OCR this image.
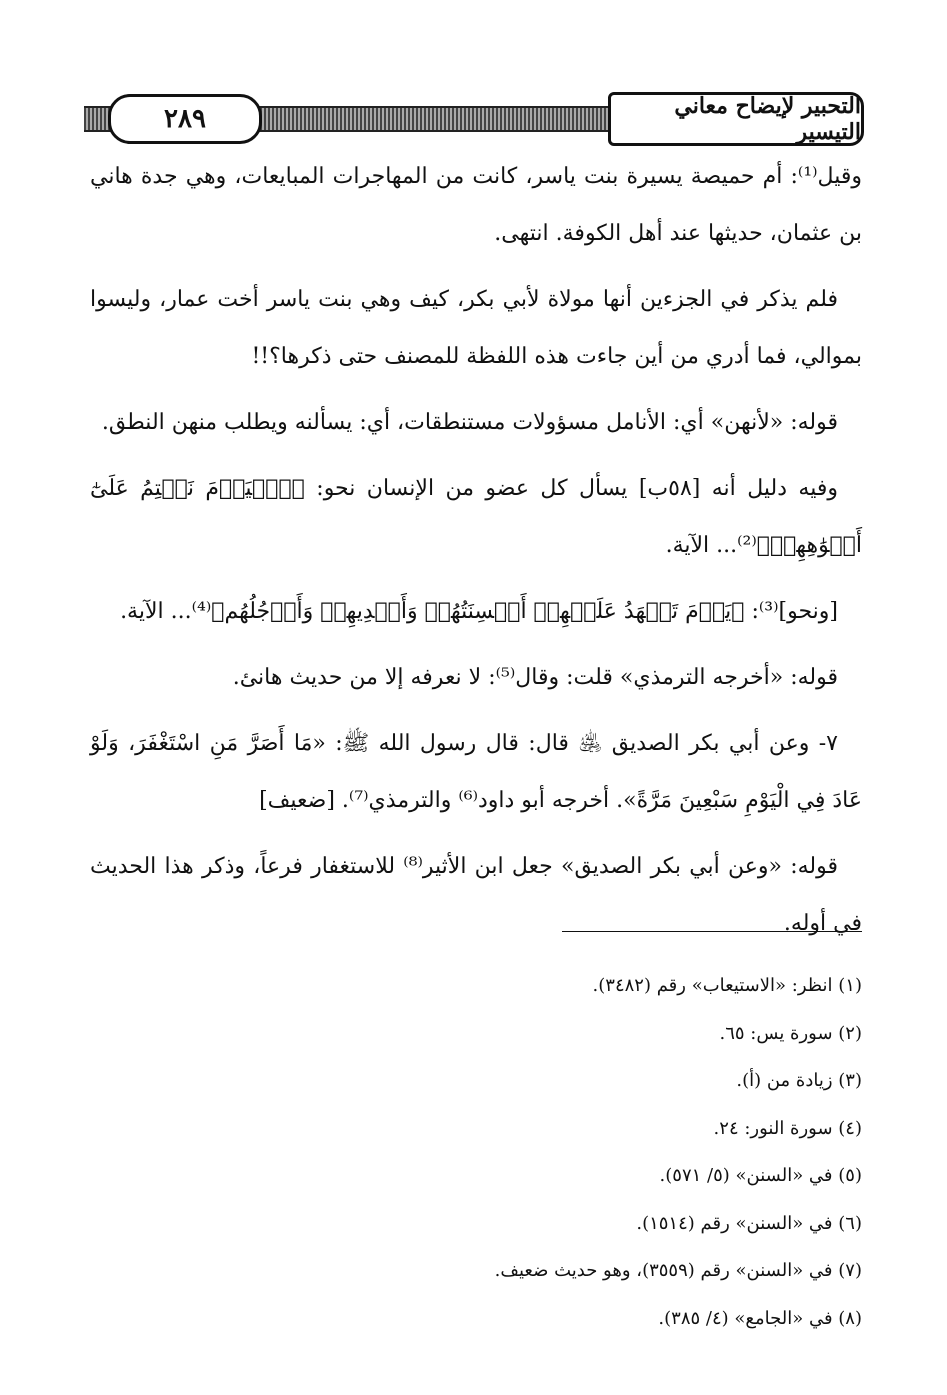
٢٨٩	التحبير لإيضاح معاني التيسير

وقيل⁽¹⁾: أم حميصة يسيرة بنت ياسر، كانت من المهاجرات المبايعات، وهي جدة هاني بن عثمان، حديثها عند أهل الكوفة. انتهى.

فلم يذكر في الجزءين أنها مولاة لأبي بكر، كيف وهي بنت ياسر أخت عمار، وليسوا بموالي، فما أدري من أين جاءت هذه اللفظة للمصنف حتى ذكرها؟!!

قوله: «لأنهن» أي: الأنامل مسؤولات مستنطقات، أي: يسألنه ويطلب منهن النطق.

وفيه دليل أنه [٥٨ب] يسأل كل عضو من الإنسان نحو: ﴿ٱلۡيَوۡمَ نَخۡتِمُ عَلَىٰٓ أَفۡوَٰهِهِمۡ﴾⁽²⁾... الآية.

[ونحو]⁽³⁾: ﴿يَوۡمَ تَشۡهَدُ عَلَيۡهِمۡ أَلۡسِنَتُهُمۡ وَأَيۡدِيهِمۡ وَأَرۡجُلُهُم﴾⁽⁴⁾... الآية.

قوله: «أخرجه الترمذي» قلت: وقال⁽⁵⁾: لا نعرفه إلا من حديث هانئ.

٧- وعن أبي بكر الصديق ﵁ قال: قال رسول الله ﷺ: «مَا أَصَرَّ مَنِ اسْتَغْفَرَ، وَلَوْ عَادَ فِي الْيَوْمِ سَبْعِينَ مَرَّةً». أخرجه أبو داود⁽⁶⁾ والترمذي⁽⁷⁾. [ضعيف]

قوله: «وعن أبي بكر الصديق» جعل ابن الأثير⁽⁸⁾ للاستغفار فرعاً، وذكر هذا الحديث في أوله.

(١) انظر: «الاستيعاب» رقم (٣٤٨٢).

(٢) سورة يس: ٦٥.

(٣) زيادة من (أ).

(٤) سورة النور: ٢٤.

(٥) في «السنن» (٥/ ٥٧١).

(٦) في «السنن» رقم (١٥١٤).

(٧) في «السنن» رقم (٣٥٥٩)، وهو حديث ضعيف.

(٨) في «الجامع» (٤/ ٣٨٥).
